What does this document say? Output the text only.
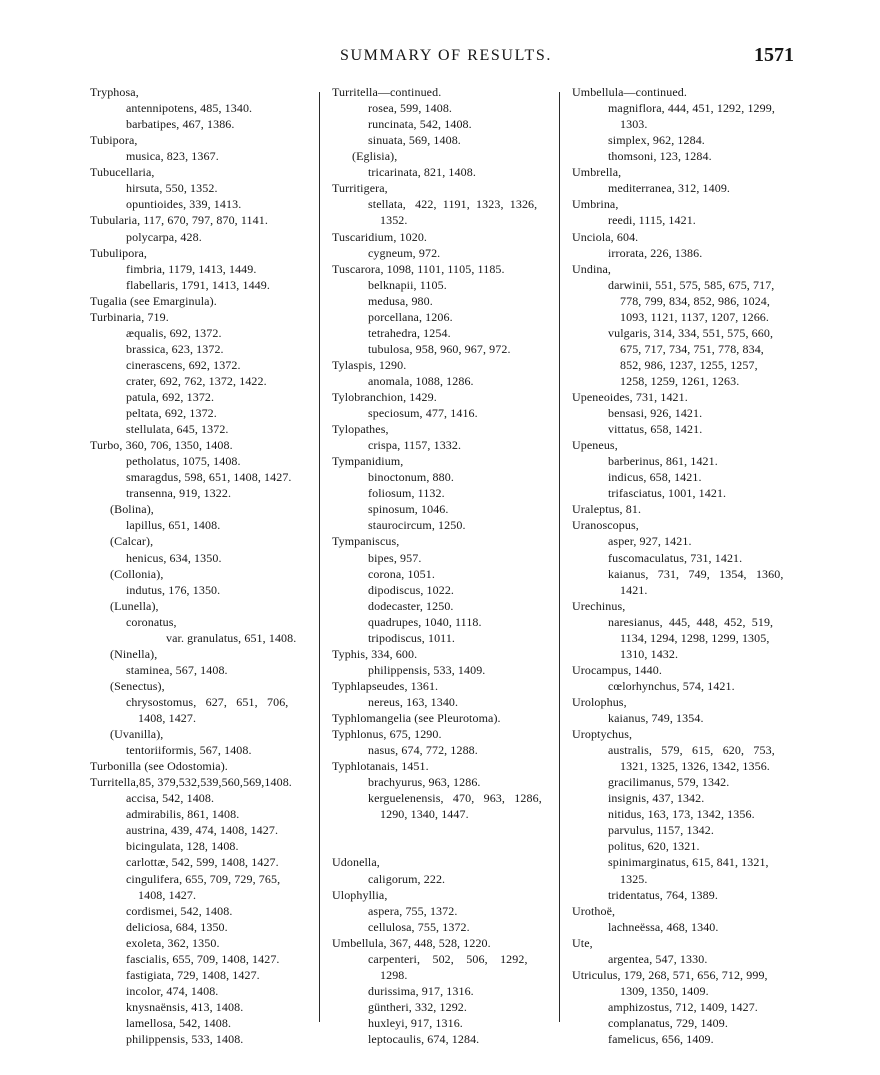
SUMMARY OF RESULTS.	1571
Tryphosa,
antennipotens, 485, 1340.
barbatipes, 467, 1386.
Tubipora,
musica, 823, 1367.
Tubucellaria,
hirsuta, 550, 1352.
opuntioides, 339, 1413.
Tubularia, 117, 670, 797, 870, 1141.
polycarpa, 428.
Tubulipora,
fimbria, 1179, 1413, 1449.
flabellaris, 1791, 1413, 1449.
Tugalia (see Emarginula).
Turbinaria, 719.
æqualis, 692, 1372.
brassica, 623, 1372.
cinerascens, 692, 1372.
crater, 692, 762, 1372, 1422.
patula, 692, 1372.
peltata, 692, 1372.
stellulata, 645, 1372.
Turbo, 360, 706, 1350, 1408.
petholatus, 1075, 1408.
smaragdus, 598, 651, 1408, 1427.
transenna, 919, 1322.
(Bolina),
lapillus, 651, 1408.
(Calcar),
henicus, 634, 1350.
(Collonia),
indutus, 176, 1350.
(Lunella),
coronatus,
var. granulatus, 651, 1408.
(Ninella),
staminea, 567, 1408.
(Senectus),
chrysostomus,   627,   651,   706,
1408, 1427.
(Uvanilla),
tentoriiformis, 567, 1408.
Turbonilla (see Odostomia).
Turritella,85, 379,532,539,560,569,1408.
accisa, 542, 1408.
admirabilis, 861, 1408.
austrina, 439, 474, 1408, 1427.
bicingulata, 128, 1408.
carlottæ, 542, 599, 1408, 1427.
cingulifera, 655, 709, 729, 765,
1408, 1427.
cordismei, 542, 1408.
deliciosa, 684, 1350.
exoleta, 362, 1350.
fascialis, 655, 709, 1408, 1427.
fastigiata, 729, 1408, 1427.
incolor, 474, 1408.
knysnaënsis, 413, 1408.
lamellosa, 542, 1408.
philippensis, 533, 1408.
Turritella—continued.
rosea, 599, 1408.
runcinata, 542, 1408.
sinuata, 569, 1408.
(Eglisia),
tricarinata, 821, 1408.
Turritigera,
stellata,   422,  1191,  1323,  1326,
1352.
Tuscaridium, 1020.
cygneum, 972.
Tuscarora, 1098, 1101, 1105, 1185.
belknapii, 1105.
medusa, 980.
porcellana, 1206.
tetrahedra, 1254.
tubulosa, 958, 960, 967, 972.
Tylaspis, 1290.
anomala, 1088, 1286.
Tylobranchion, 1429.
speciosum, 477, 1416.
Tylopathes,
crispa, 1157, 1332.
Tympanidium,
binoctonum, 880.
foliosum, 1132.
spinosum, 1046.
staurocircum, 1250.
Tympaniscus,
bipes, 957.
corona, 1051.
dipodiscus, 1022.
dodecaster, 1250.
quadrupes, 1040, 1118.
tripodiscus, 1011.
Typhis, 334, 600.
philippensis, 533, 1409.
Typhlapseudes, 1361.
nereus, 163, 1340.
Typhlomangelia (see Pleurotoma).
Typhlonus, 675, 1290.
nasus, 674, 772, 1288.
Typhlotanais, 1451.
brachyurus, 963, 1286.
kerguelenensis,   470,   963,   1286,
1290, 1340, 1447.
Udonella,
caligorum, 222.
Ulophyllia,
aspera, 755, 1372.
cellulosa, 755, 1372.
Umbellula, 367, 448, 528, 1220.
carpenteri,    502,    506,    1292,
1298.
durissima, 917, 1316.
güntheri, 332, 1292.
huxleyi, 917, 1316.
leptocaulis, 674, 1284.
Umbellula—continued.
magniflora, 444, 451, 1292, 1299,
1303.
simplex, 962, 1284.
thomsoni, 123, 1284.
Umbrella,
mediterranea, 312, 1409.
Umbrina,
reedi, 1115, 1421.
Unciola, 604.
irrorata, 226, 1386.
Undina,
darwinii, 551, 575, 585, 675, 717,
778, 799, 834, 852, 986, 1024,
1093, 1121, 1137, 1207, 1266.
vulgaris, 314, 334, 551, 575, 660,
675, 717, 734, 751, 778, 834,
852, 986, 1237, 1255, 1257,
1258, 1259, 1261, 1263.
Upeneoides, 731, 1421.
bensasi, 926, 1421.
vittatus, 658, 1421.
Upeneus,
barberinus, 861, 1421.
indicus, 658, 1421.
trifasciatus, 1001, 1421.
Uraleptus, 81.
Uranoscopus,
asper, 927, 1421.
fuscomaculatus, 731, 1421.
kaianus,   731,   749,   1354,   1360,
1421.
Urechinus,
naresianus,  445,  448,  452,  519,
1134, 1294, 1298, 1299, 1305,
1310, 1432.
Urocampus, 1440.
cœlorhynchus, 574, 1421.
Urolophus,
kaianus, 749, 1354.
Uroptychus,
australis,   579,   615,   620,   753,
1321, 1325, 1326, 1342, 1356.
gracilimanus, 579, 1342.
insignis, 437, 1342.
nitidus, 163, 173, 1342, 1356.
parvulus, 1157, 1342.
politus, 620, 1321.
spinimarginatus, 615, 841, 1321,
1325.
tridentatus, 764, 1389.
Urothoë,
lachneëssa, 468, 1340.
Ute,
argentea, 547, 1330.
Utriculus, 179, 268, 571, 656, 712, 999,
1309, 1350, 1409.
amphizostus, 712, 1409, 1427.
complanatus, 729, 1409.
famelicus, 656, 1409.
